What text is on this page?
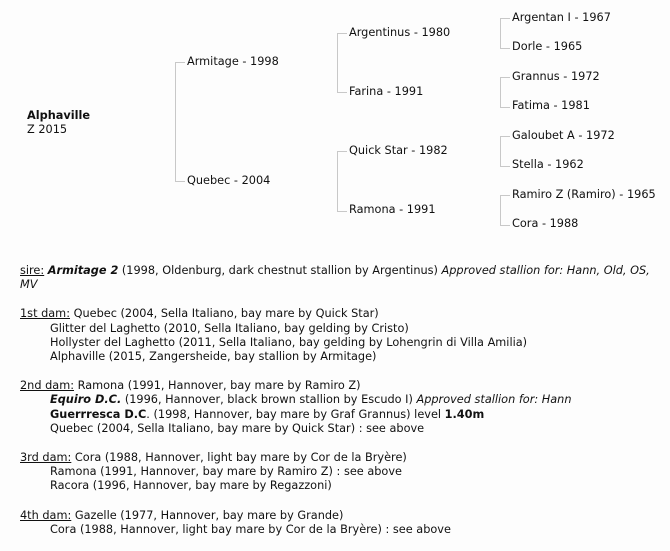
Alphaville
Z 2015
Armitage - 1998
Quebec - 2004
Argentinus - 1980
Farina - 1991
Quick Star - 1982
Ramona - 1991
Argentan I - 1967
Dorle - 1965
Grannus - 1972
Fatima - 1981
Galoubet A - 1972
Stella - 1962
Ramiro Z (Ramiro) - 1965
Cora - 1988

sire: Armitage 2 (1998, Oldenburg, dark chestnut stallion by Argentinus) Approved stallion for: Hann, Old, OS, MV

1st dam: Quebec (2004, Sella Italiano, bay mare by Quick Star)

Glitter del Laghetto (2010, Sella Italiano, bay gelding by Cristo)

Hollyster del Laghetto (2011, Sella Italiano, bay gelding by Lohengrin di Villa Amilia)

Alphaville (2015, Zangersheide, bay stallion by Armitage)

2nd dam: Ramona (1991, Hannover, bay mare by Ramiro Z)

Equiro D.C. (1996, Hannover, black brown stallion by Escudo I) Approved stallion for: Hann

Guerrresca D.C. (1998, Hannover, bay mare by Graf Grannus) level 1.40m

Quebec (2004, Sella Italiano, bay mare by Quick Star) : see above

3rd dam: Cora (1988, Hannover, light bay mare by Cor de la Bryère)

Ramona (1991, Hannover, bay mare by Ramiro Z) : see above

Racora (1996, Hannover, bay mare by Regazzoni)

4th dam: Gazelle (1977, Hannover, bay mare by Grande)

Cora (1988, Hannover, light bay mare by Cor de la Bryère) : see above
